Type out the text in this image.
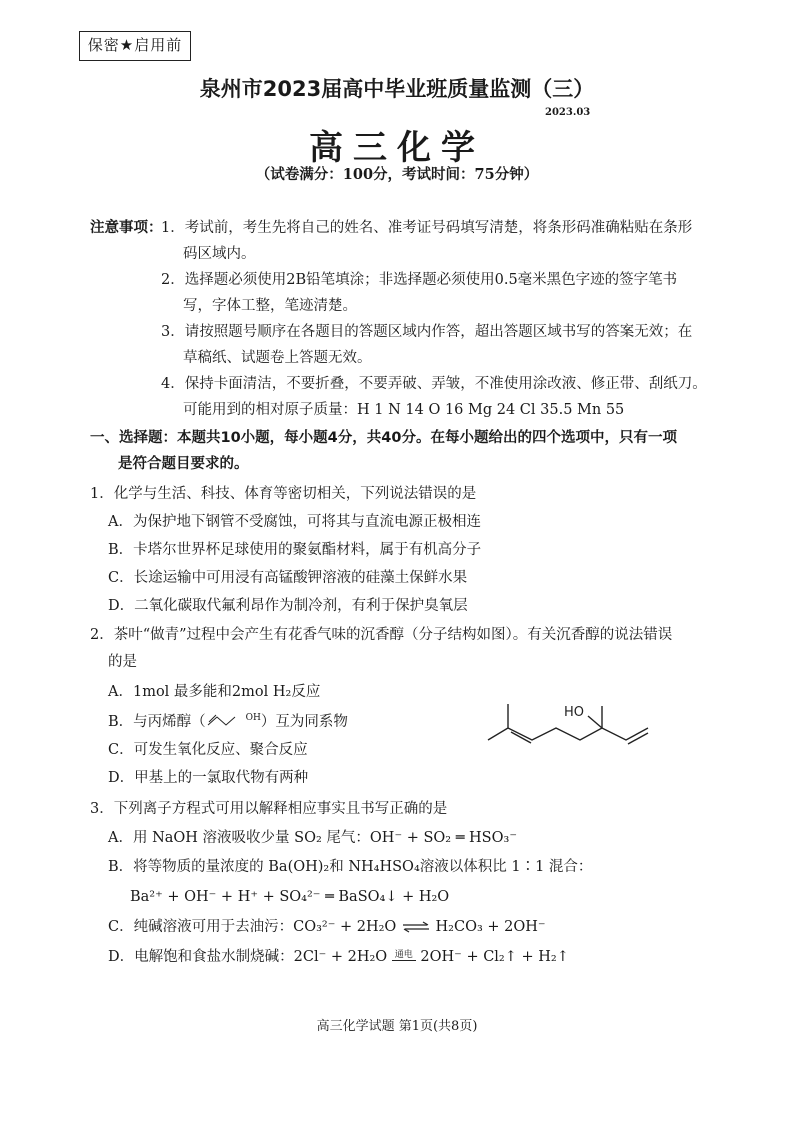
保密★启用前
泉州市2023届高中毕业班质量监测（三）
2023.03
高三化学
（试卷满分：100分，考试时间：75分钟）
注意事项：
1．考试前，考生先将自己的姓名、准考证号码填写清楚，将条形码准确粘贴在条形
码区域内。
2．选择题必须使用2B铅笔填涂；非选择题必须使用0.5毫米黑色字迹的签字笔书
写，字体工整，笔迹清楚。
3．请按照题号顺序在各题目的答题区域内作答，超出答题区域书写的答案无效；在
草稿纸、试题卷上答题无效。
4．保持卡面清洁，不要折叠，不要弄破、弄皱，不准使用涂改液、修正带、刮纸刀。
可能用到的相对原子质量：H 1 N 14 O 16 Mg 24 Cl 35.5 Mn 55
一、选择题：本题共10小题，每小题4分，共40分。在每小题给出的四个选项中，只有一项
是符合题目要求的。
1．化学与生活、科技、体育等密切相关，下列说法错误的是
A．为保护地下钢管不受腐蚀，可将其与直流电源正极相连
B．卡塔尔世界杯足球使用的聚氨酯材料，属于有机高分子
C．长途运输中可用浸有高锰酸钾溶液的硅藻土保鲜水果
D．二氧化碳取代氟利昂作为制冷剂，有利于保护臭氧层
2．茶叶“做青”过程中会产生有花香气味的沉香醇（分子结构如图）。有关沉香醇的说法错误
的是
A．1mol 最多能和2mol H₂反应
B．与丙烯醇（	$^{OH}$）互为同系物
C．可发生氧化反应、聚合反应
D．甲基上的一氯取代物有两种
HO
3．下列离子方程式可用以解释相应事实且书写正确的是
A．用 NaOH 溶液吸收少量 SO₂ 尾气：OH⁻ + SO₂ ═ HSO₃⁻
B．将等物质的量浓度的 Ba(OH)₂和 NH₄HSO₄溶液以体积比 1∶1 混合：
Ba²⁺ + OH⁻ + H⁺ + SO₄²⁻ ═ BaSO₄↓ + H₂O
C．纯碱溶液可用于去油污：CO₃²⁻ + 2H₂O ⇌ H₂CO₃ + 2OH⁻
D．电解饱和食盐水制烧碱：2Cl⁻ + 2H₂O 通电 2OH⁻ + Cl₂↑ + H₂↑
高三化学试题 第1页(共8页)
